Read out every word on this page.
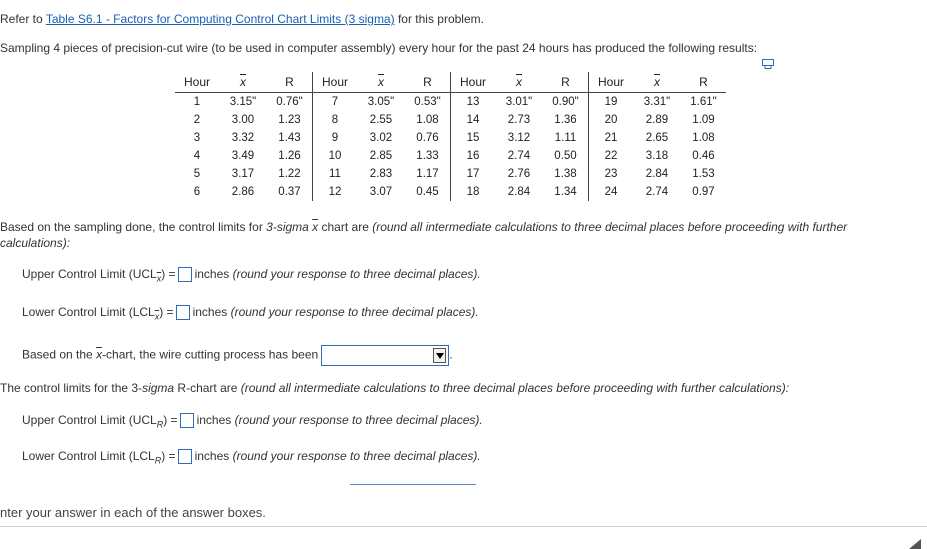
Refer to Table S6.1 - Factors for Computing Control Chart Limits (3 sigma) for this problem.
Sampling 4 pieces of precision-cut wire (to be used in computer assembly) every hour for the past 24 hours has produced the following results:
Hour	$\overline{x}$	R	Hour	$\overline{x}$	R	Hour	$\overline{x}$	R	Hour	$\overline{x}$	R
1	3.15"	0.76"	7	3.05"	0.53"	13	3.01"	0.90"	19	3.31"	1.61"
2	3.00	1.23	8	2.55	1.08	14	2.73	1.36	20	2.89	1.09
3	3.32	1.43	9	3.02	0.76	15	3.12	1.11	21	2.65	1.08
4	3.49	1.26	10	2.85	1.33	16	2.74	0.50	22	3.18	0.46
5	3.17	1.22	11	2.83	1.17	17	2.76	1.38	23	2.84	1.53
6	2.86	0.37	12	3.07	0.45	18	2.84	1.34	24	2.74	0.97
Based on the sampling done, the control limits for 3-sigma $\overline{x}$ chart are (round all intermediate calculations to three decimal places before proceeding with further
calculations):
Upper Control Limit $(UCL_{\overline{x}})$ = inches (round your response to three decimal places).
Lower Control Limit $(LCL_{\overline{x}})$ = inches (round your response to three decimal places).
Based on the $\overline{x}$-chart, the wire cutting process has been	.
The control limits for the 3-sigma R-chart are (round all intermediate calculations to three decimal places before proceeding with further calculations):
Upper Control Limit $(UCL_R)$ = inches (round your response to three decimal places).
Lower Control Limit $(LCL_R)$ = inches (round your response to three decimal places).
nter your answer in each of the answer boxes.
